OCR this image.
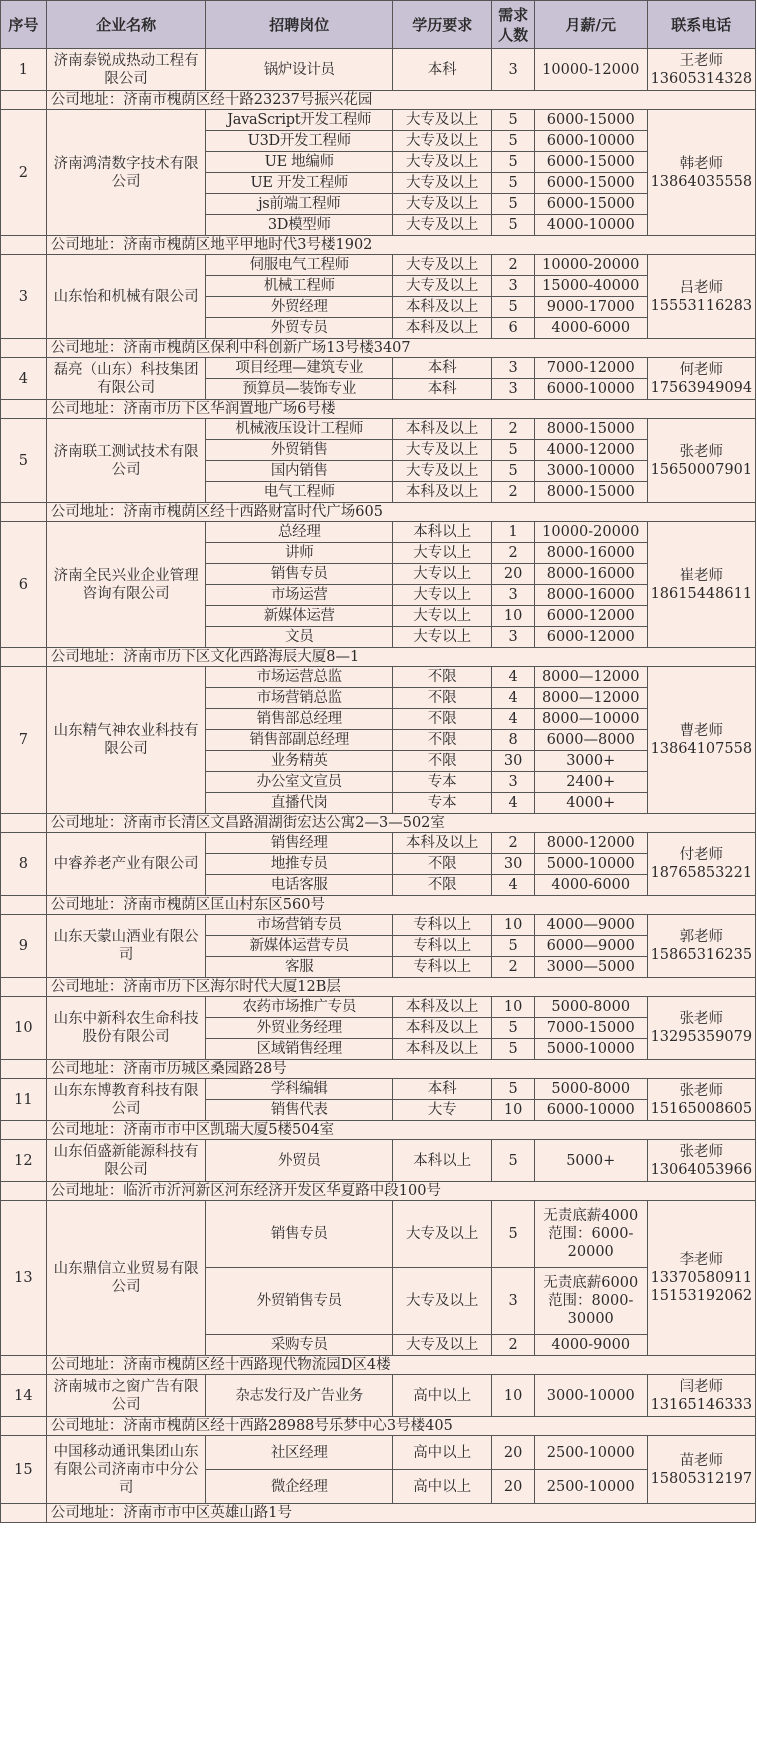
序号	企业名称	招聘岗位	学历要求	需求人数	月薪/元	联系电话
1	济南泰锐成热动工程有限公司	锅炉设计员	本科	3	10000-12000	王老师
13605314328
	公司地址：济南市槐荫区经十路23237号振兴花园					
2	济南鸿清数字技术有限公司	JavaScript开发工程师	大专及以上	5	6000-15000	韩老师
13864035558
		U3D开发工程师	大专及以上	5	6000-10000	
		UE 地编师	大专及以上	5	6000-15000	
		UE 开发工程师	大专及以上	5	6000-15000	
		js前端工程师	大专及以上	5	6000-15000	
		3D模型师	大专及以上	5	4000-10000	
	公司地址：济南市槐荫区地平甲地时代3号楼1902					
3	山东怡和机械有限公司	伺服电气工程师	大专及以上	2	10000-20000	吕老师
15553116283
		机械工程师	大专及以上	3	15000-40000	
		外贸经理	本科及以上	5	9000-17000	
		外贸专员	本科及以上	6	4000-6000	
	公司地址：济南市槐荫区保利中科创新广场13号楼3407					
4	磊亮（山东）科技集团有限公司	项目经理—建筑专业	本科	3	7000-12000	何老师
17563949094
		预算员—装饰专业	本科	3	6000-10000	
	公司地址：济南市历下区华润置地广场6号楼					
5	济南联工测试技术有限公司	机械液压设计工程师	本科及以上	2	8000-15000	张老师
15650007901
		外贸销售	大专及以上	5	4000-12000	
		国内销售	大专及以上	5	3000-10000	
		电气工程师	本科及以上	2	8000-15000	
	公司地址：济南市槐荫区经十西路财富时代广场605					
6	济南全民兴业企业管理咨询有限公司	总经理	本科以上	1	10000-20000	崔老师
18615448611
		讲师	大专以上	2	8000-16000	
		销售专员	大专以上	20	8000-16000	
		市场运营	大专以上	3	8000-16000	
		新媒体运营	大专以上	10	6000-12000	
		文员	大专以上	3	6000-12000	
	公司地址：济南市历下区文化西路海辰大厦8—1					
7	山东精气神农业科技有限公司	市场运营总监	不限	4	8000—12000	曹老师
13864107558
		市场营销总监	不限	4	8000—12000	
		销售部总经理	不限	4	8000—10000	
		销售部副总经理	不限	8	6000—8000	
		业务精英	不限	30	3000+	
		办公室文宣员	专本	3	2400+	
		直播代岗	专本	4	4000+	
	公司地址：济南市长清区文昌路湄湖街宏达公寓2—3—502室					
8	中睿养老产业有限公司	销售经理	本科及以上	2	8000-12000	付老师
18765853221
		地推专员	不限	30	5000-10000	
		电话客服	不限	4	4000-6000	
	公司地址：济南市槐荫区匡山村东区560号					
9	山东天蒙山酒业有限公司	市场营销专员	专科以上	10	4000—9000	郭老师
15865316235
		新媒体运营专员	专科以上	5	6000—9000	
		客服	专科以上	2	3000—5000	
	公司地址：济南市历下区海尔时代大厦12B层					
10	山东中新科农生命科技股份有限公司	农药市场推广专员	本科及以上	10	5000-8000	张老师
13295359079
		外贸业务经理	本科及以上	5	7000-15000	
		区域销售经理	本科及以上	5	5000-10000	
	公司地址：济南市历城区桑园路28号					
11	山东东博教育科技有限公司	学科编辑	本科	5	5000-8000	张老师
15165008605
		销售代表	大专	10	6000-10000	
	公司地址：济南市市中区凯瑞大厦5楼504室					
12	山东佰盛新能源科技有限公司	外贸员	本科以上	5	5000+	张老师
13064053966
	公司地址：临沂市沂河新区河东经济开发区华夏路中段100号					
13	山东鼎信立业贸易有限公司	销售专员	大专及以上	5	无责底薪4000
范围：6000-
20000	李老师
13370580911
15153192062
		外贸销售专员	大专及以上	3	无责底薪6000
范围：8000-
30000	
		采购专员	大专及以上	2	4000-9000	
	公司地址：济南市槐荫区经十西路现代物流园D区4楼					
14	济南城市之窗广告有限公司	杂志发行及广告业务	高中以上	10	3000-10000	闫老师
13165146333
	公司地址：济南市槐荫区经十西路28988号乐梦中心3号楼405					
15	中国移动通讯集团山东有限公司济南市中分公司	社区经理	高中以上	20	2500-10000	苗老师
15805312197
		微企经理	高中以上	20	2500-10000	
	公司地址：济南市市中区英雄山路1号					
